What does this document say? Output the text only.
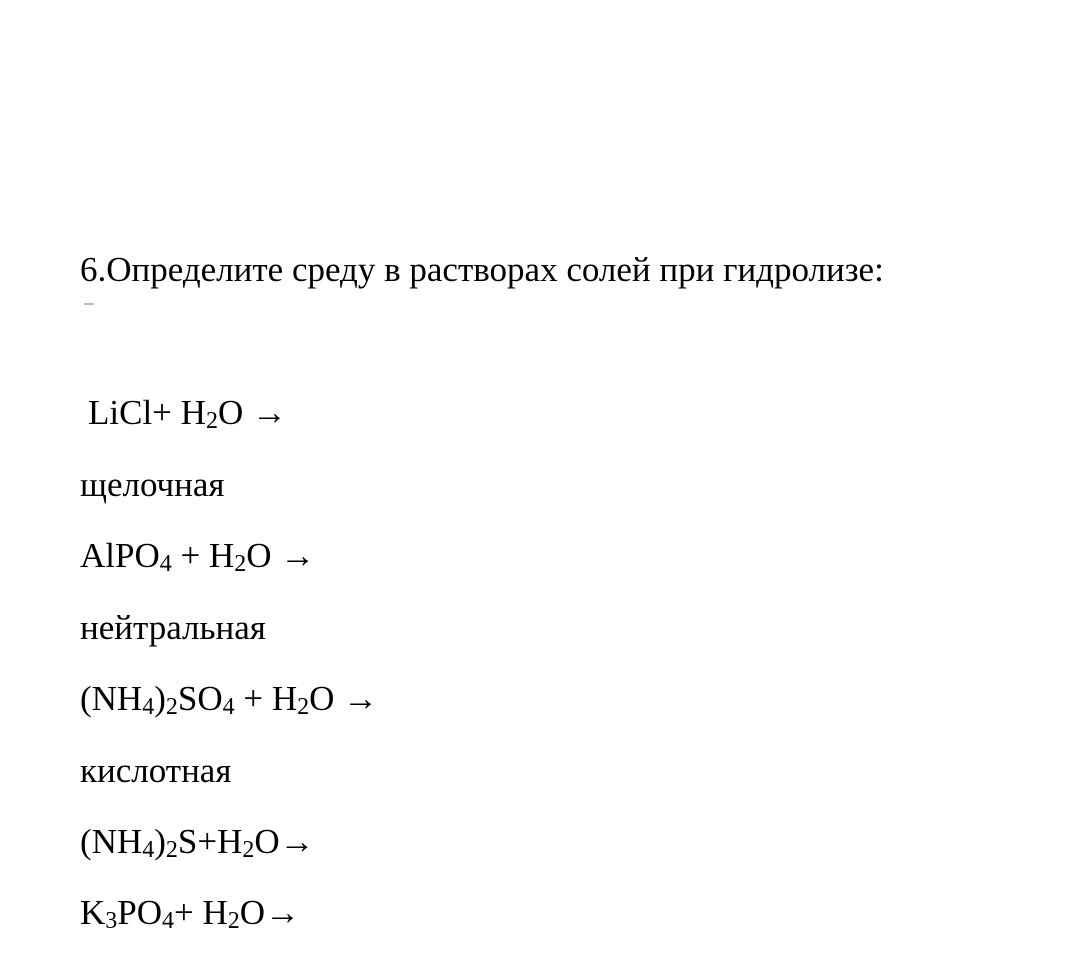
6.Определите среду в растворах солей при гидролизе:
LiCl+ $H_2O$ →
щелочная
AlPO$_4$ + $H_2O$ →
нейтральная
$(NH_4)_2SO_4 + H_2O$ →
кислотная
$(NH_4)_2S+H_2O\to$
$K_3PO_4+ H_2O\to$
